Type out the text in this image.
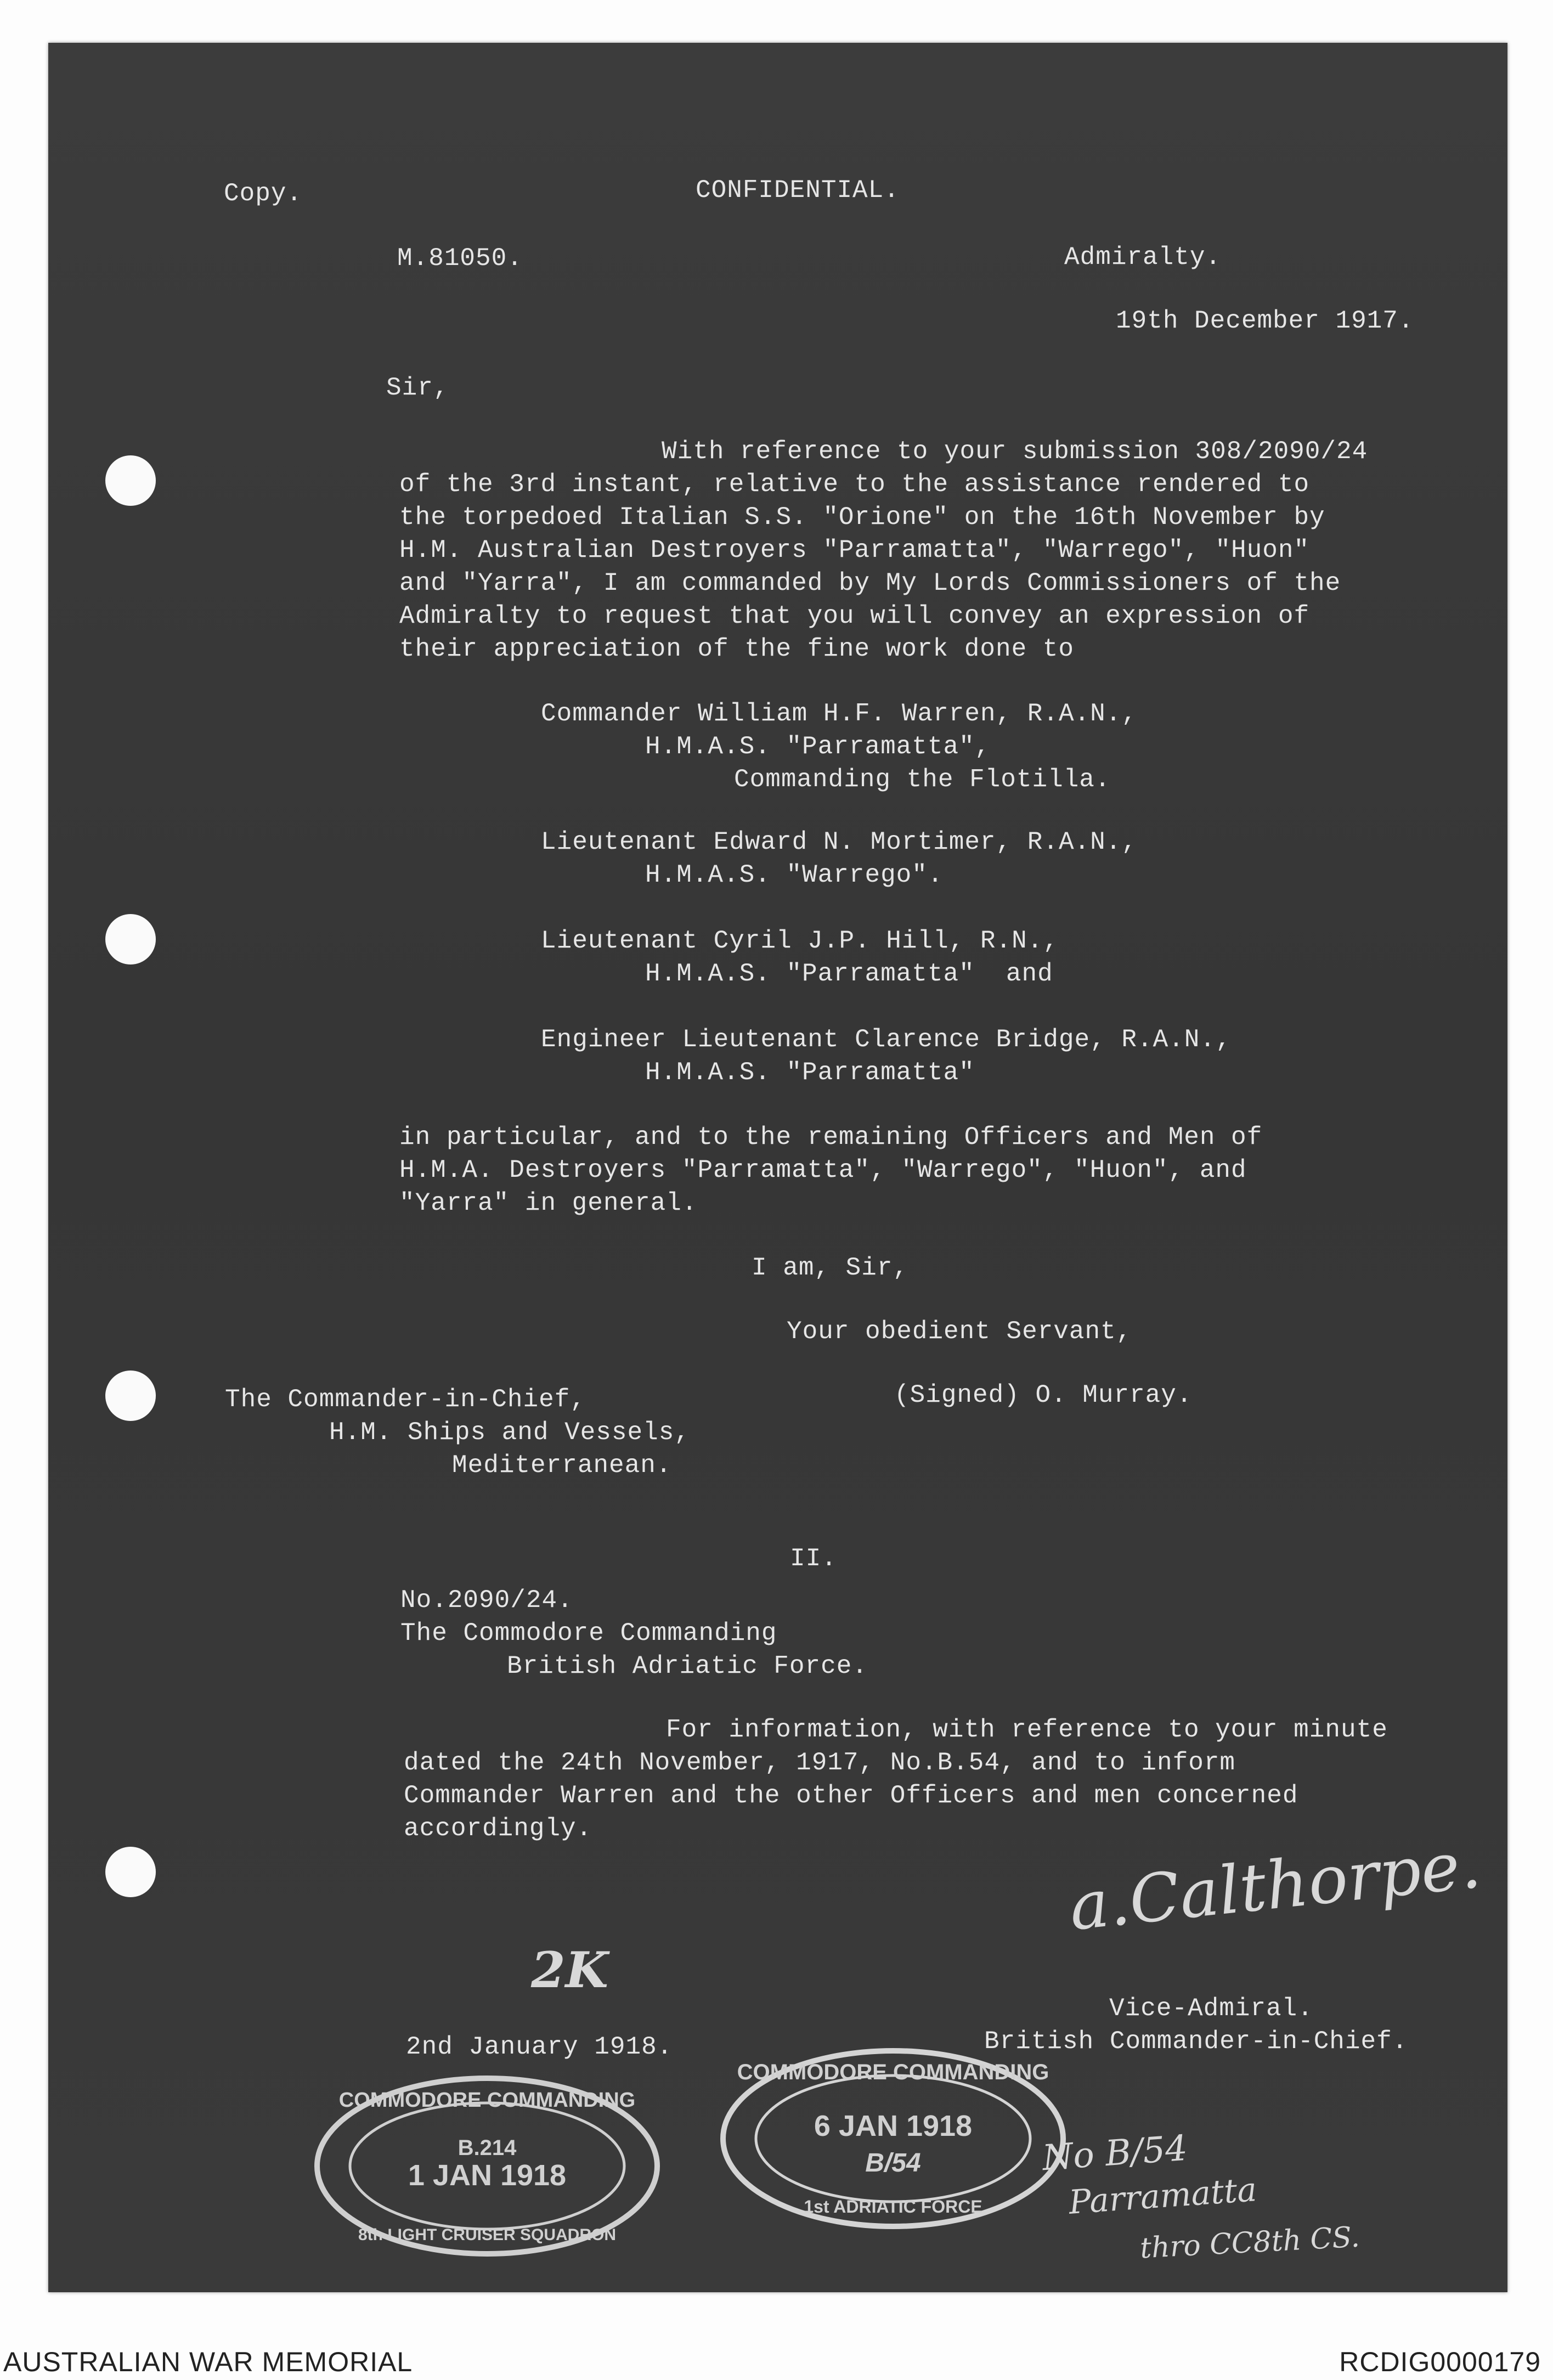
Copy.	CONFIDENTIAL.
M.81050.	Admiralty.
19th December 1917.
Sir,
With reference to your submission 308/2090/24
of the 3rd instant, relative to the assistance rendered to
the torpedoed Italian S.S. "Orione" on the 16th November by
H.M. Australian Destroyers "Parramatta", "Warrego", "Huon"
and "Yarra", I am commanded by My Lords Commissioners of the
Admiralty to request that you will convey an expression of
their appreciation of the fine work done to
Commander William H.F. Warren, R.A.N.,
H.M.A.S. "Parramatta",
Commanding the Flotilla.
Lieutenant Edward N. Mortimer, R.A.N.,
H.M.A.S. "Warrego".
Lieutenant Cyril J.P. Hill, R.N.,
H.M.A.S. "Parramatta"  and
Engineer Lieutenant Clarence Bridge, R.A.N.,
H.M.A.S. "Parramatta"
in particular, and to the remaining Officers and Men of
H.M.A. Destroyers "Parramatta", "Warrego", "Huon", and
"Yarra" in general.
I am, Sir,
Your obedient Servant,
(Signed) O. Murray.
The Commander-in-Chief,
H.M. Ships and Vessels,
Mediterranean.
II.
No.2090/24.
The Commodore Commanding
British Adriatic Force.
For information, with reference to your minute
dated the 24th November, 1917, No.B.54, and to inform
Commander Warren and the other Officers and men concerned
accordingly.	a.Calthorpe.
2K
Vice-Admiral.
British Commander-in-Chief.
2nd January 1918.
COMMODORE COMMANDING
B.214
1 JAN 1918
8th LIGHT CRUISER SQUADRON
COMMODORE COMMANDING
6 JAN 1918
B/54
1st ADRIATIC FORCE
No B/54
Parramatta
thro CC8th CS.
AUSTRALIAN WAR MEMORIAL	RCDIG0000179
